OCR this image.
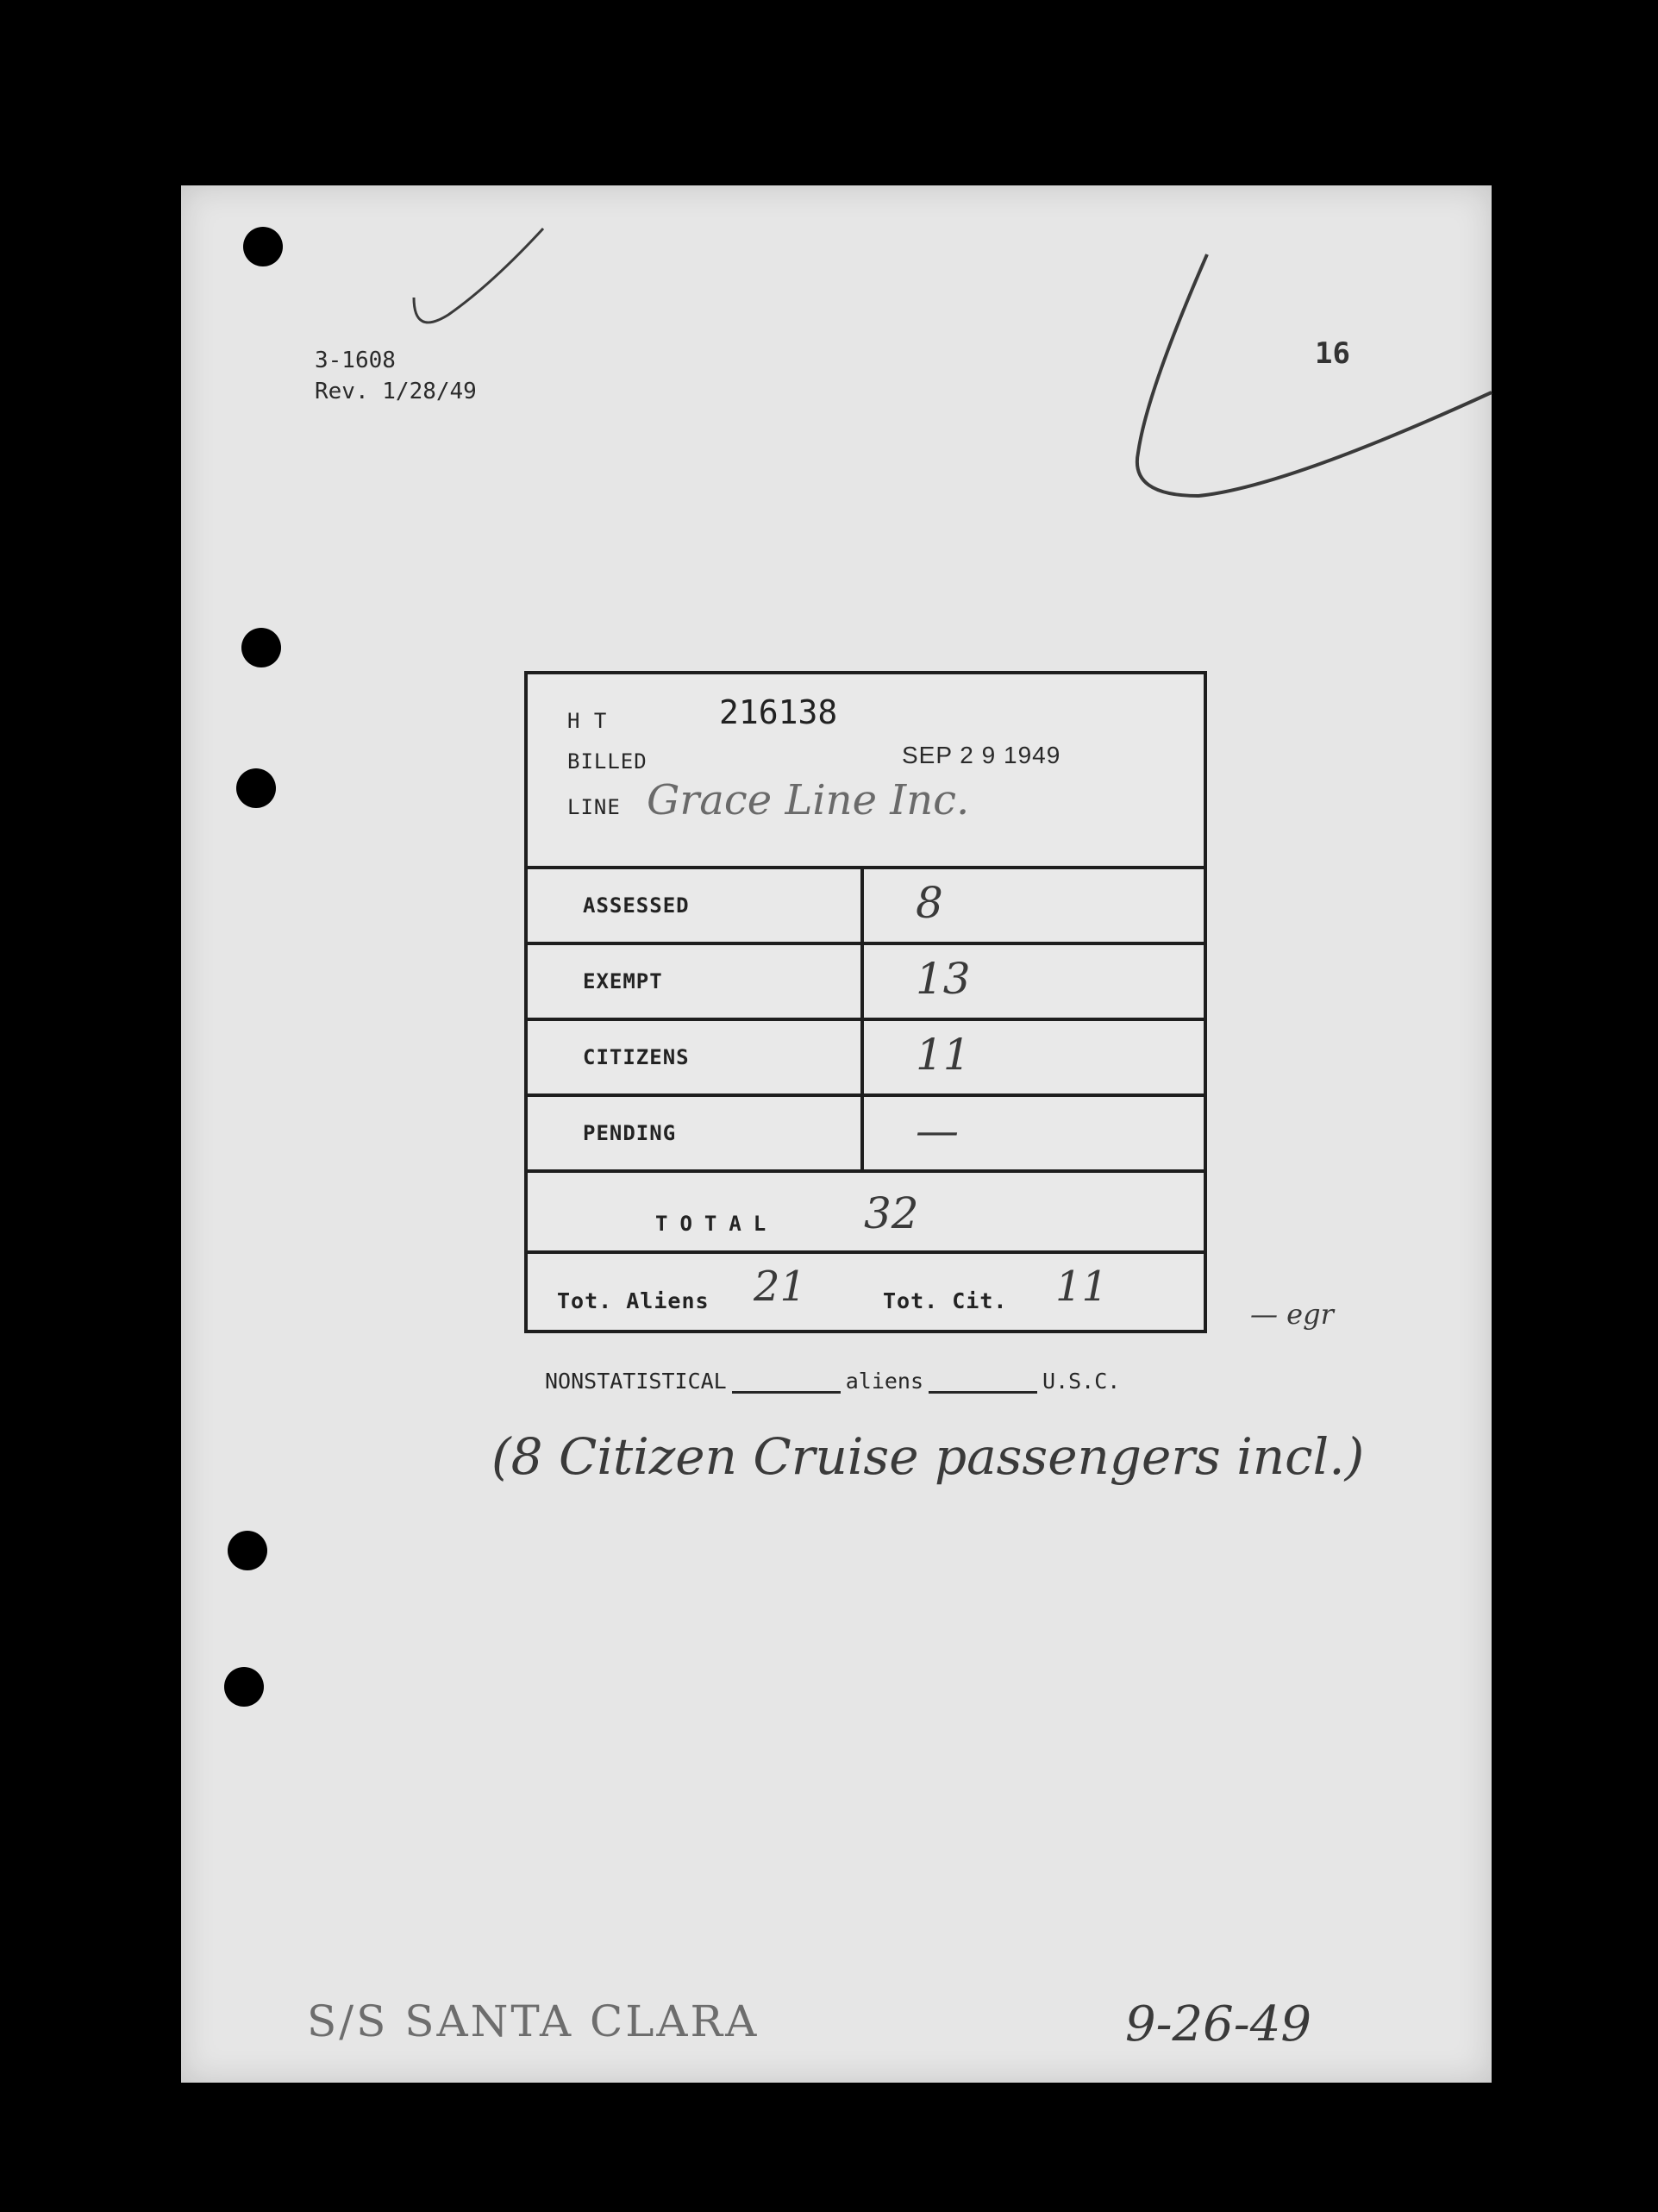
3-1608
Rev. 1/28/49
16
H T	216138
BILLED	SEP 2 9 1949
LINE Grace Line Inc.
ASSESSED	8
EXEMPT	13
CITIZENS	11
PENDING	—
TOTAL 32
Tot. Aliens 21	Tot. Cit. 11
— egr
NONSTATISTICAL	aliens	U.S.C.
(8 Citizen Cruise passengers incl.)
S/S SANTA CLARA	9-26-49
